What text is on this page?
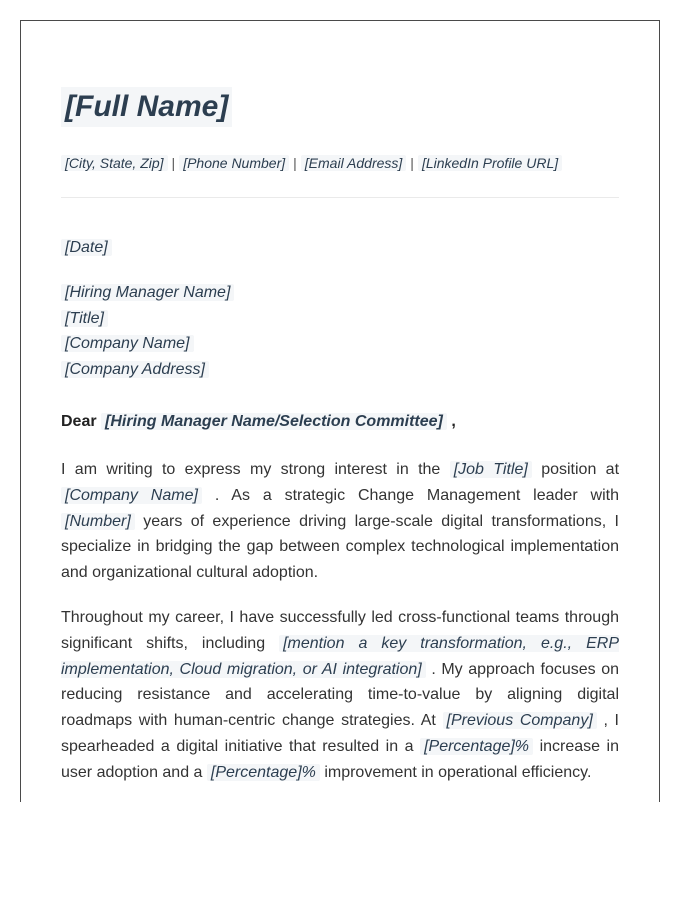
[Full Name]
[City, State, Zip] | [Phone Number] | [Email Address] | [LinkedIn Profile URL]
[Date]
[Hiring Manager Name]
[Title]
[Company Name]
[Company Address]
Dear [Hiring Manager Name/Selection Committee] ,
I am writing to express my strong interest in the [Job Title] position at [Company Name] . As a strategic Change Management leader with [Number] years of experience driving large-scale digital transformations, I specialize in bridging the gap between complex technological implementation and organizational cultural adoption.
Throughout my career, I have successfully led cross-functional teams through significant shifts, including [mention a key transformation, e.g., ERP implementation, Cloud migration, or AI integration] . My approach focuses on reducing resistance and accelerating time-to-value by aligning digital roadmaps with human-centric change strategies. At [Previous Company] , I spearheaded a digital initiative that resulted in a [Percentage]% increase in user adoption and a [Percentage]% improvement in operational efficiency.
